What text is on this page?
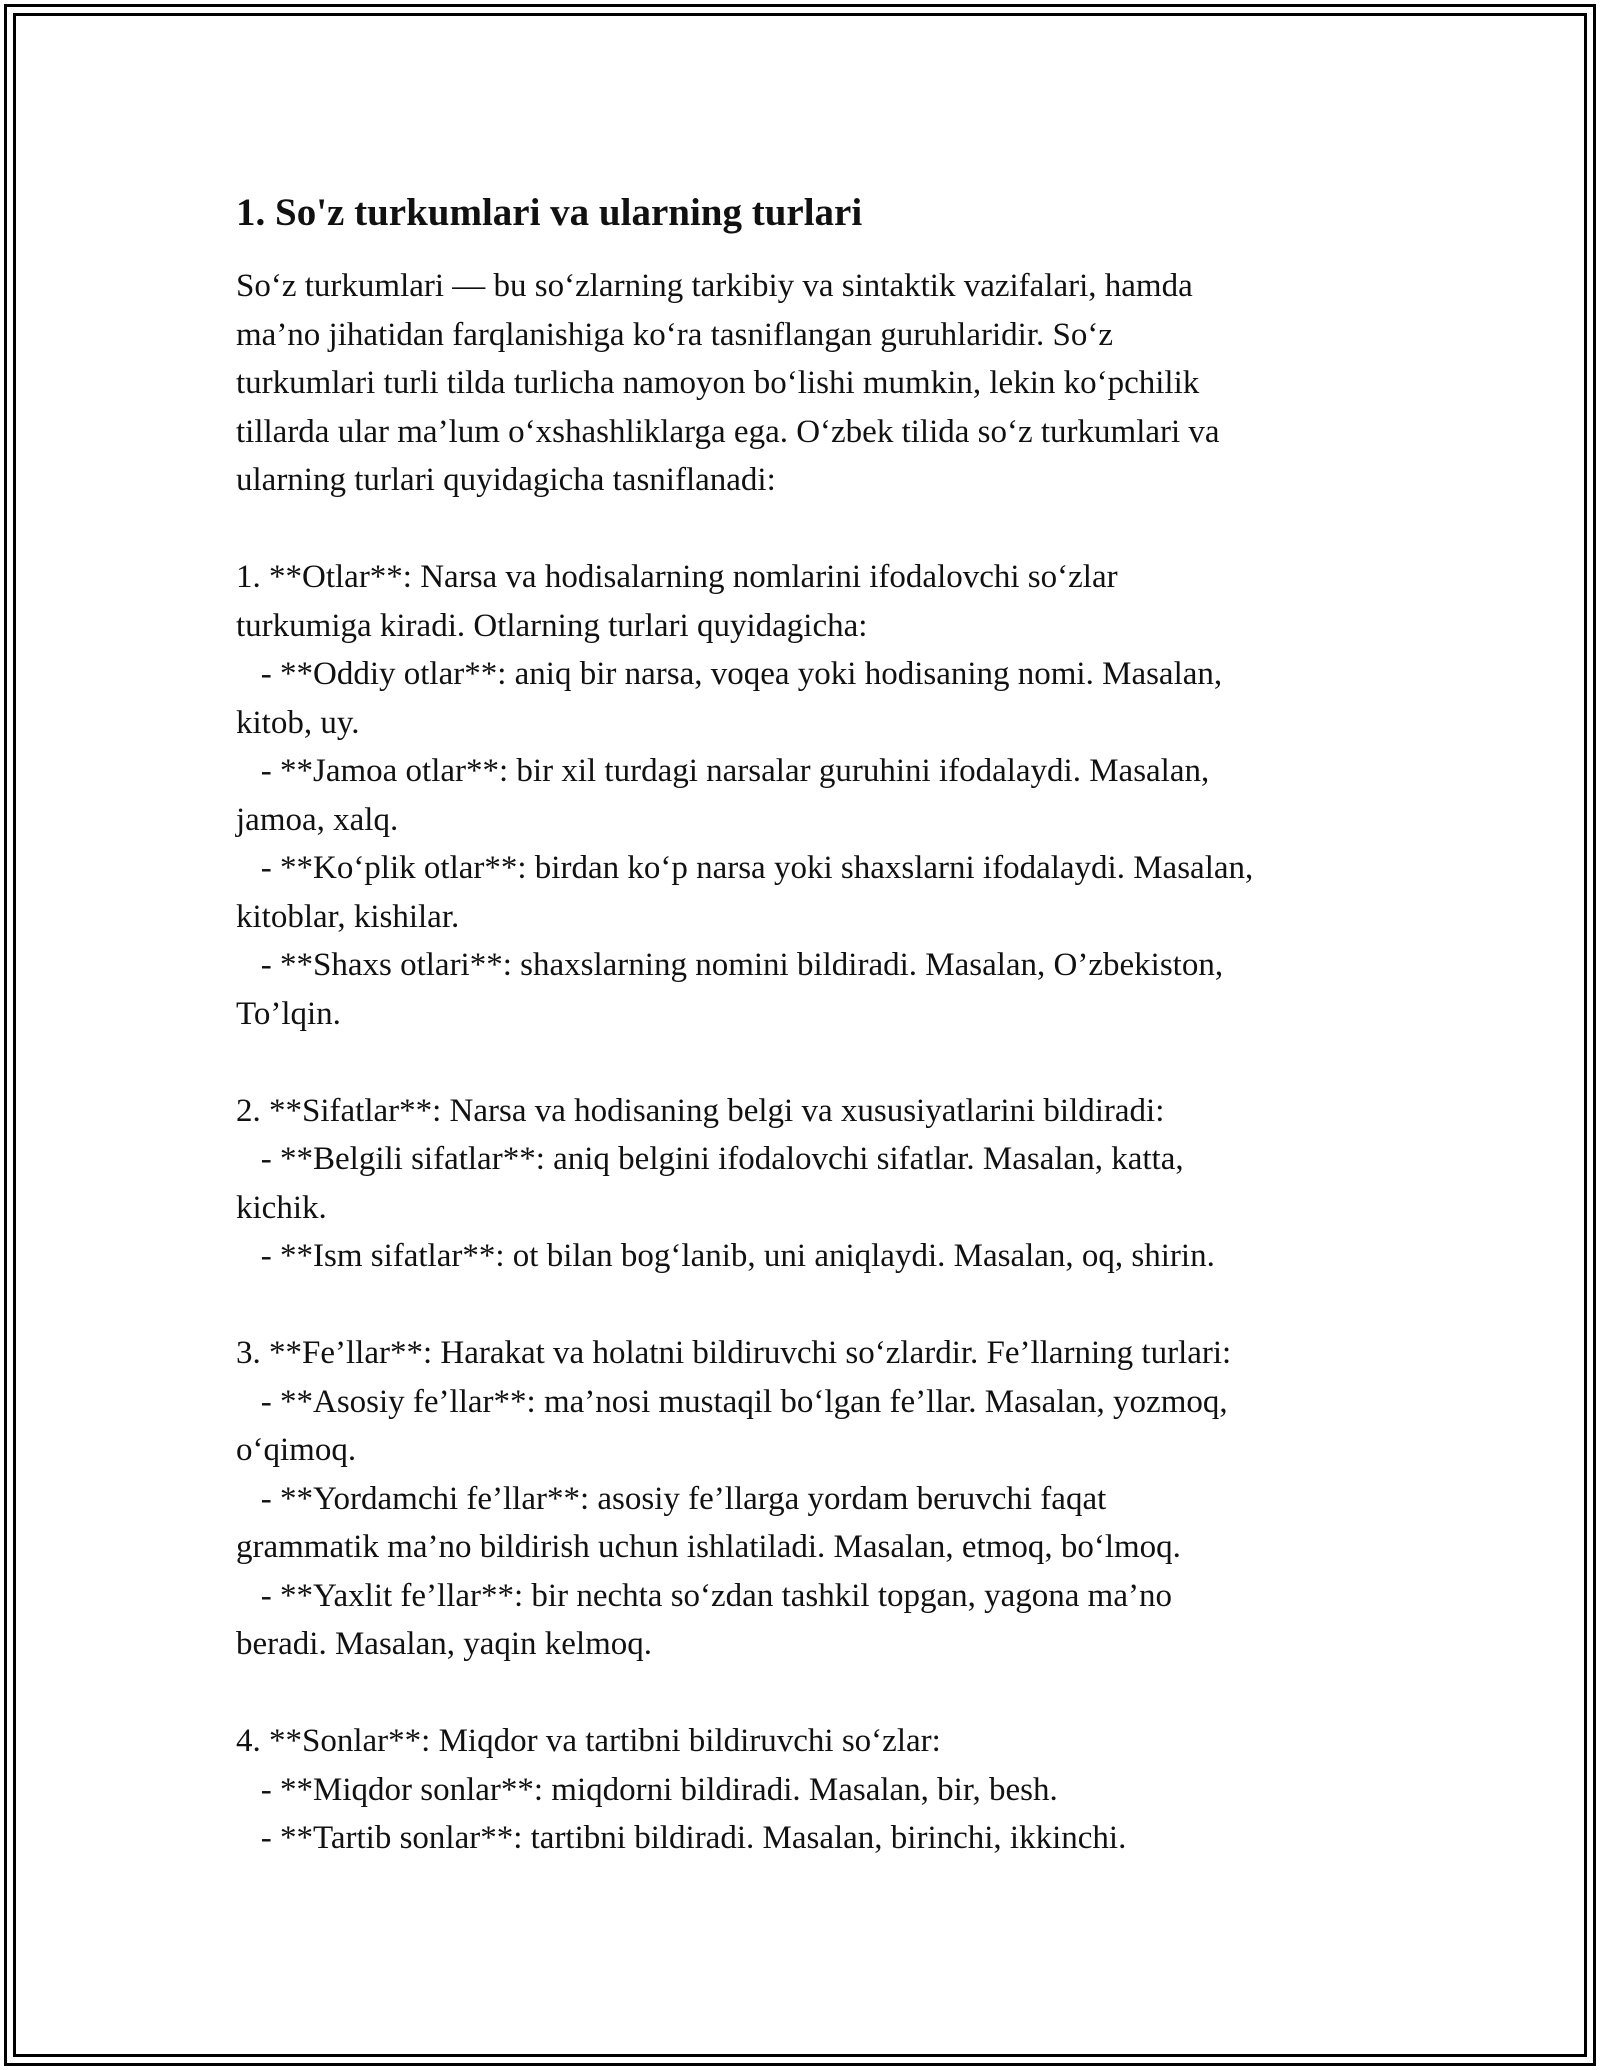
1. So'z turkumlari va ularning turlari

So‘z turkumlari — bu so‘zlarning tarkibiy va sintaktik vazifalari, hamda

ma’no jihatidan farqlanishiga ko‘ra tasniflangan guruhlaridir. So‘z

turkumlari turli tilda turlicha namoyon bo‘lishi mumkin, lekin ko‘pchilik

tillarda ular ma’lum o‘xshashliklarga ega. O‘zbek tilida so‘z turkumlari va

ularning turlari quyidagicha tasniflanadi:

1. **Otlar**: Narsa va hodisalarning nomlarini ifodalovchi so‘zlar

turkumiga kiradi. Otlarning turlari quyidagicha:

- **Oddiy otlar**: aniq bir narsa, voqea yoki hodisaning nomi. Masalan,

kitob, uy.

- **Jamoa otlar**: bir xil turdagi narsalar guruhini ifodalaydi. Masalan,

jamoa, xalq.

- **Ko‘plik otlar**: birdan ko‘p narsa yoki shaxslarni ifodalaydi. Masalan,

kitoblar, kishilar.

- **Shaxs otlari**: shaxslarning nomini bildiradi. Masalan, O’zbekiston,

To’lqin.

2. **Sifatlar**: Narsa va hodisaning belgi va xususiyatlarini bildiradi:

- **Belgili sifatlar**: aniq belgini ifodalovchi sifatlar. Masalan, katta,

kichik.

- **Ism sifatlar**: ot bilan bog‘lanib, uni aniqlaydi. Masalan, oq, shirin.

3. **Fe’llar**: Harakat va holatni bildiruvchi so‘zlardir. Fe’llarning turlari:

- **Asosiy fe’llar**: ma’nosi mustaqil bo‘lgan fe’llar. Masalan, yozmoq,

o‘qimoq.

- **Yordamchi fe’llar**: asosiy fe’llarga yordam beruvchi faqat

grammatik ma’no bildirish uchun ishlatiladi. Masalan, etmoq, bo‘lmoq.

- **Yaxlit fe’llar**: bir nechta so‘zdan tashkil topgan, yagona ma’no

beradi. Masalan, yaqin kelmoq.

4. **Sonlar**: Miqdor va tartibni bildiruvchi so‘zlar:

- **Miqdor sonlar**: miqdorni bildiradi. Masalan, bir, besh.

- **Tartib sonlar**: tartibni bildiradi. Masalan, birinchi, ikkinchi.
